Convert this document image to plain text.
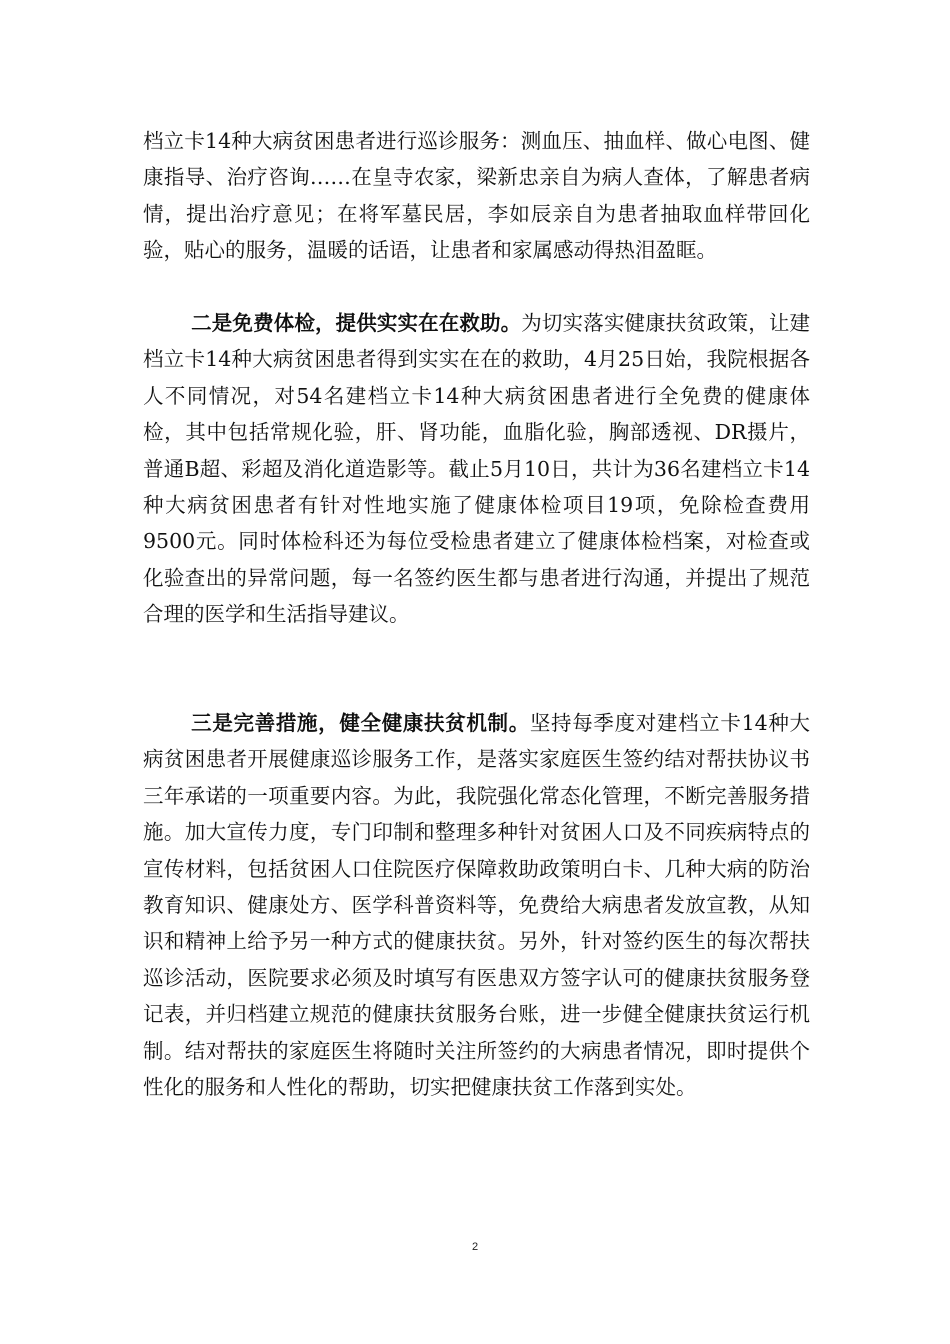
档立卡14种大病贫困患者进行巡诊服务：测血压、抽血样、做心电图、健康指导、治疗咨询……在皇寺农家，梁新忠亲自为病人查体，了解患者病情，提出治疗意见；在将军墓民居，李如辰亲自为患者抽取血样带回化验，贴心的服务，温暖的话语，让患者和家属感动得热泪盈眶。

二是免费体检，提供实实在在救助。为切实落实健康扶贫政策，让建档立卡14种大病贫困患者得到实实在在的救助，4月25日始，我院根据各人不同情况，对54名建档立卡14种大病贫困患者进行全免费的健康体检，其中包括常规化验，肝、肾功能，血脂化验，胸部透视、DR摄片，普通B超、彩超及消化道造影等。截止5月10日，共计为36名建档立卡14种大病贫困患者有针对性地实施了健康体检项目19项，免除检查费用9500元。同时体检科还为每位受检患者建立了健康体检档案，对检查或化验查出的异常问题，每一名签约医生都与患者进行沟通，并提出了规范合理的医学和生活指导建议。

三是完善措施，健全健康扶贫机制。坚持每季度对建档立卡14种大病贫困患者开展健康巡诊服务工作，是落实家庭医生签约结对帮扶协议书三年承诺的一项重要内容。为此，我院强化常态化管理，不断完善服务措施。加大宣传力度，专门印制和整理多种针对贫困人口及不同疾病特点的宣传材料，包括贫困人口住院医疗保障救助政策明白卡、几种大病的防治教育知识、健康处方、医学科普资料等，免费给大病患者发放宣教，从知识和精神上给予另一种方式的健康扶贫。另外，针对签约医生的每次帮扶巡诊活动，医院要求必须及时填写有医患双方签字认可的健康扶贫服务登记表，并归档建立规范的健康扶贫服务台账，进一步健全健康扶贫运行机制。结对帮扶的家庭医生将随时关注所签约的大病患者情况，即时提供个性化的服务和人性化的帮助，切实把健康扶贫工作落到实处。

2
